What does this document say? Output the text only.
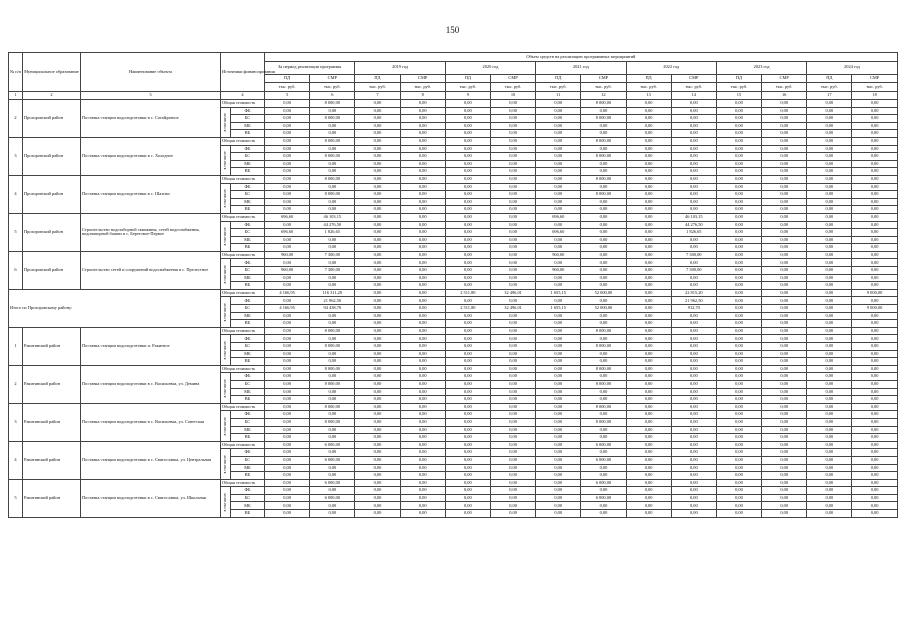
150
№ п/п	Муниципальное образование	Наименование объекта	Источники финансирования		Объем средств на реализацию программных мероприятий													
					За период реализации программы		2019 год		2020 год		2021 год		2022 год		2023 год		2024 год	
					ПД	СМР	ПД	СМР	ПД	СМР	ПД	СМР	ПД	СМР	ПД	СМР	ПД	СМР
					тыс. руб.	тыс. руб.	тыс. руб.	тыс. руб.	тыс. руб.	тыс. руб.	тыс. руб.	тыс. руб.	тыс. руб.	тыс. руб.	тыс. руб.	тыс. руб.	тыс. руб.	тыс. руб.
1	2	3	4		5	6	7	8	9	10	11	12	13	14	15	16	17	18
2	Прохоровский район	Поставка станции водоподготовки в с. Сагайдачное	Общая стоимость		0,00	8 000,00	0,00	0,00	0,00	0,00	0,00	8 000,00	0,00	0,00	0,00	0,00	0,00	0,00
			в том числе:	ФБ	0,00	0,00	0,00	0,00	0,00	0,00	0,00	0,00	0,00	0,00	0,00	0,00	0,00	0,00
				БС	0,00	8 000,00	0,00	0,00	0,00	0,00	0,00	8 000,00	0,00	0,00	0,00	0,00	0,00	0,00
				МБ	0,00	0,00	0,00	0,00	0,00	0,00	0,00	0,00	0,00	0,00	0,00	0,00	0,00	0,00
				ВБ	0,00	0,00	0,00	0,00	0,00	0,00	0,00	0,00	0,00	0,00	0,00	0,00	0,00	0,00
3	Прохоровский район	Поставка станции водоподготовки в с. Холодное	Общая стоимость		0,00	8 000,00	0,00	0,00	0,00	0,00	0,00	8 000,00	0,00	0,00	0,00	0,00	0,00	0,00
			в том числе:	ФБ	0,00	0,00	0,00	0,00	0,00	0,00	0,00	0,00	0,00	0,00	0,00	0,00	0,00	0,00
				БС	0,00	8 000,00	0,00	0,00	0,00	0,00	0,00	8 000,00	0,00	0,00	0,00	0,00	0,00	0,00
				МБ	0,00	0,00	0,00	0,00	0,00	0,00	0,00	0,00	0,00	0,00	0,00	0,00	0,00	0,00
				ВБ	0,00	0,00	0,00	0,00	0,00	0,00	0,00	0,00	0,00	0,00	0,00	0,00	0,00	0,00
4	Прохоровский район	Поставка станции водоподготовки в с. Шахово	Общая стоимость		0,00	8 000,00	0,00	0,00	0,00	0,00	0,00	8 000,00	0,00	0,00	0,00	0,00	0,00	0,00
			в том числе:	ФБ	0,00	0,00	0,00	0,00	0,00	0,00	0,00	0,00	0,00	0,00	0,00	0,00	0,00	0,00
				БС	0,00	8 000,00	0,00	0,00	0,00	0,00	0,00	8 000,00	0,00	0,00	0,00	0,00	0,00	0,00
				МБ	0,00	0,00	0,00	0,00	0,00	0,00	0,00	0,00	0,00	0,00	0,00	0,00	0,00	0,00
				ВБ	0,00	0,00	0,00	0,00	0,00	0,00	0,00	0,00	0,00	0,00	0,00	0,00	0,00	0,00
5	Прохоровский район	Строительство водозаборной скважины, сетей водоснабжения, водонапорной башни в с. Береговое-Первое	Общая стоимость		696,60	46 103,15	0,00	0,00	0,00	0,00	696,60	0,00	0,00	46 103,15	0,00	0,00	0,00	0,00
			в том числе:	ФБ	0,00	44 276,50	0,00	0,00	0,00	0,00	0,00	0,00	0,00	44 276,50	0,00	0,00	0,00	0,00
				БС	696,60	1 826,65	0,00	0,00	0,00	0,00	696,60	0,00	0,00	1 826,65	0,00	0,00	0,00	0,00
				МБ	0,00	0,00	0,00	0,00	0,00	0,00	0,00	0,00	0,00	0,00	0,00	0,00	0,00	0,00
				ВБ	0,00	0,00	0,00	0,00	0,00	0,00	0,00	0,00	0,00	0,00	0,00	0,00	0,00	0,00
6	Прохоровский район	Строительство сетей и сооружений водоснабжения в с. Прелестное	Общая стоимость		960,00	7 300,00	0,00	0,00	0,00	0,00	960,00	0,00	0,00	7 300,00	0,00	0,00	0,00	0,00
			в том числе:	ФБ	0,00	0,00	0,00	0,00	0,00	0,00	0,00	0,00	0,00	0,00	0,00	0,00	0,00	0,00
				БС	960,00	7 300,00	0,00	0,00	0,00	0,00	960,00	0,00	0,00	7 300,00	0,00	0,00	0,00	0,00
				МБ	0,00	0,00	0,00	0,00	0,00	0,00	0,00	0,00	0,00	0,00	0,00	0,00	0,00	0,00
				ВБ	0,00	0,00	0,00	0,00	0,00	0,00	0,00	0,00	0,00	0,00	0,00	0,00	0,00	0,00
Итого по Прохоровскому району:			Общая стоимость		4 166,95	116 311,20	0,00	0,00	2 511,80	32 496,01	1 655,15	52 000,00	0,00	22 815,20	0,00	0,00	0,00	9 000,00
			в том числе:	ФБ	0,00	21 962,50	0,00	0,00	0,00	0,00	0,00	0,00	0,00	21 962,50	0,00	0,00	0,00	0,00
				БС	4 166,95	94 438,70	0,00	0,00	2 511,80	32 496,01	1 655,15	52 000,00	0,00	912,70	0,00	0,00	0,00	9 000,00
				МБ	0,00	0,00	0,00	0,00	0,00	0,00	0,00	0,00	0,00	0,00	0,00	0,00	0,00	0,00
				ВБ	0,00	0,00	0,00	0,00	0,00	0,00	0,00	0,00	0,00	0,00	0,00	0,00	0,00	0,00
1	Ракитянский район	Поставка станции водоподготовки п. Ракитное	Общая стоимость		0,00	8 000,00	0,00	0,00	0,00	0,00	0,00	8 000,00	0,00	0,00	0,00	0,00	0,00	0,00
			в том числе:	ФБ	0,00	0,00	0,00	0,00	0,00	0,00	0,00	0,00	0,00	0,00	0,00	0,00	0,00	0,00
				БС	0,00	8 000,00	0,00	0,00	0,00	0,00	0,00	8 000,00	0,00	0,00	0,00	0,00	0,00	0,00
				МБ	0,00	0,00	0,00	0,00	0,00	0,00	0,00	0,00	0,00	0,00	0,00	0,00	0,00	0,00
				ВБ	0,00	0,00	0,00	0,00	0,00	0,00	0,00	0,00	0,00	0,00	0,00	0,00	0,00	0,00
2	Ракитянский район	Поставка станции водоподготовки в с. Васильевка, ул. Демина	Общая стоимость		0,00	8 000,00	0,00	0,00	0,00	0,00	0,00	8 000,00	0,00	0,00	0,00	0,00	0,00	0,00
			в том числе:	ФБ	0,00	0,00	0,00	0,00	0,00	0,00	0,00	0,00	0,00	0,00	0,00	0,00	0,00	0,00
				БС	0,00	8 000,00	0,00	0,00	0,00	0,00	0,00	8 000,00	0,00	0,00	0,00	0,00	0,00	0,00
				МБ	0,00	0,00	0,00	0,00	0,00	0,00	0,00	0,00	0,00	0,00	0,00	0,00	0,00	0,00
				ВБ	0,00	0,00	0,00	0,00	0,00	0,00	0,00	0,00	0,00	0,00	0,00	0,00	0,00	0,00
3	Ракитянский район	Поставка станции водоподготовки в с. Васильевка, ул. Советская	Общая стоимость		0,00	8 000,00	0,00	0,00	0,00	0,00	0,00	8 000,00	0,00	0,00	0,00	0,00	0,00	0,00
			в том числе:	ФБ	0,00	0,00	0,00	0,00	0,00	0,00	0,00	0,00	0,00	0,00	0,00	0,00	0,00	0,00
				БС	0,00	8 000,00	0,00	0,00	0,00	0,00	0,00	8 000,00	0,00	0,00	0,00	0,00	0,00	0,00
				МБ	0,00	0,00	0,00	0,00	0,00	0,00	0,00	0,00	0,00	0,00	0,00	0,00	0,00	0,00
				ВБ	0,00	0,00	0,00	0,00	0,00	0,00	0,00	0,00	0,00	0,00	0,00	0,00	0,00	0,00
4	Ракитянский район	Поставка станции водоподготовки в с. Святославка, ул. Центральная	Общая стоимость		0,00	6 000,00	0,00	0,00	0,00	0,00	0,00	6 000,00	0,00	0,00	0,00	0,00	0,00	0,00
			в том числе:	ФБ	0,00	0,00	0,00	0,00	0,00	0,00	0,00	0,00	0,00	0,00	0,00	0,00	0,00	0,00
				БС	0,00	6 000,00	0,00	0,00	0,00	0,00	0,00	6 000,00	0,00	0,00	0,00	0,00	0,00	0,00
				МБ	0,00	0,00	0,00	0,00	0,00	0,00	0,00	0,00	0,00	0,00	0,00	0,00	0,00	0,00
				ВБ	0,00	0,00	0,00	0,00	0,00	0,00	0,00	0,00	0,00	0,00	0,00	0,00	0,00	0,00
5	Ракитянский район	Поставка станции водоподготовки в с. Святославка, ул. Школьная	Общая стоимость		0,00	6 000,00	0,00	0,00	0,00	0,00	0,00	6 000,00	0,00	0,00	0,00	0,00	0,00	0,00
			в том числе:	ФБ	0,00	0,00	0,00	0,00	0,00	0,00	0,00	0,00	0,00	0,00	0,00	0,00	0,00	0,00
				БС	0,00	6 000,00	0,00	0,00	0,00	0,00	0,00	6 000,00	0,00	0,00	0,00	0,00	0,00	0,00
				МБ	0,00	0,00	0,00	0,00	0,00	0,00	0,00	0,00	0,00	0,00	0,00	0,00	0,00	0,00
				ВБ	0,00	0,00	0,00	0,00	0,00	0,00	0,00	0,00	0,00	0,00	0,00	0,00	0,00	0,00
